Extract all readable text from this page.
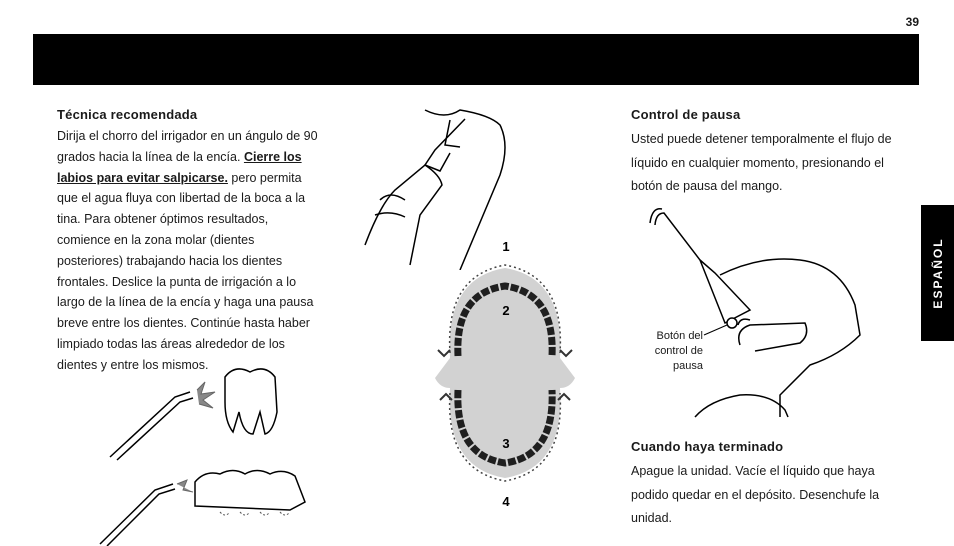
39
ESPAÑOL
Técnica recomendada
Dirija el chorro del irrigador en un ángulo de 90 grados hacia la línea de la encía. Cierre los labios para evitar salpicarse. pero permita que el agua fluya con libertad de la boca a la tina. Para obtener óptimos resultados, comience en la zona molar (dientes posteriores) trabajando hacia los dientes frontales. Deslice la punta de irrigación a lo largo de la línea de la encía y haga una pausa breve entre los dientes. Continúe hasta haber limpiado todas las áreas alrededor de los dientes y entre los mismos.
1
2
3
4
Control de pausa
Usted puede detener temporalmente el flujo de líquido en cualquier momento, presionando el botón de pausa del mango.
Botón del control de pausa
Cuando haya terminado
Apague la unidad. Vacíe el líquido que haya podido quedar en el depósito. Desenchufe la unidad.
